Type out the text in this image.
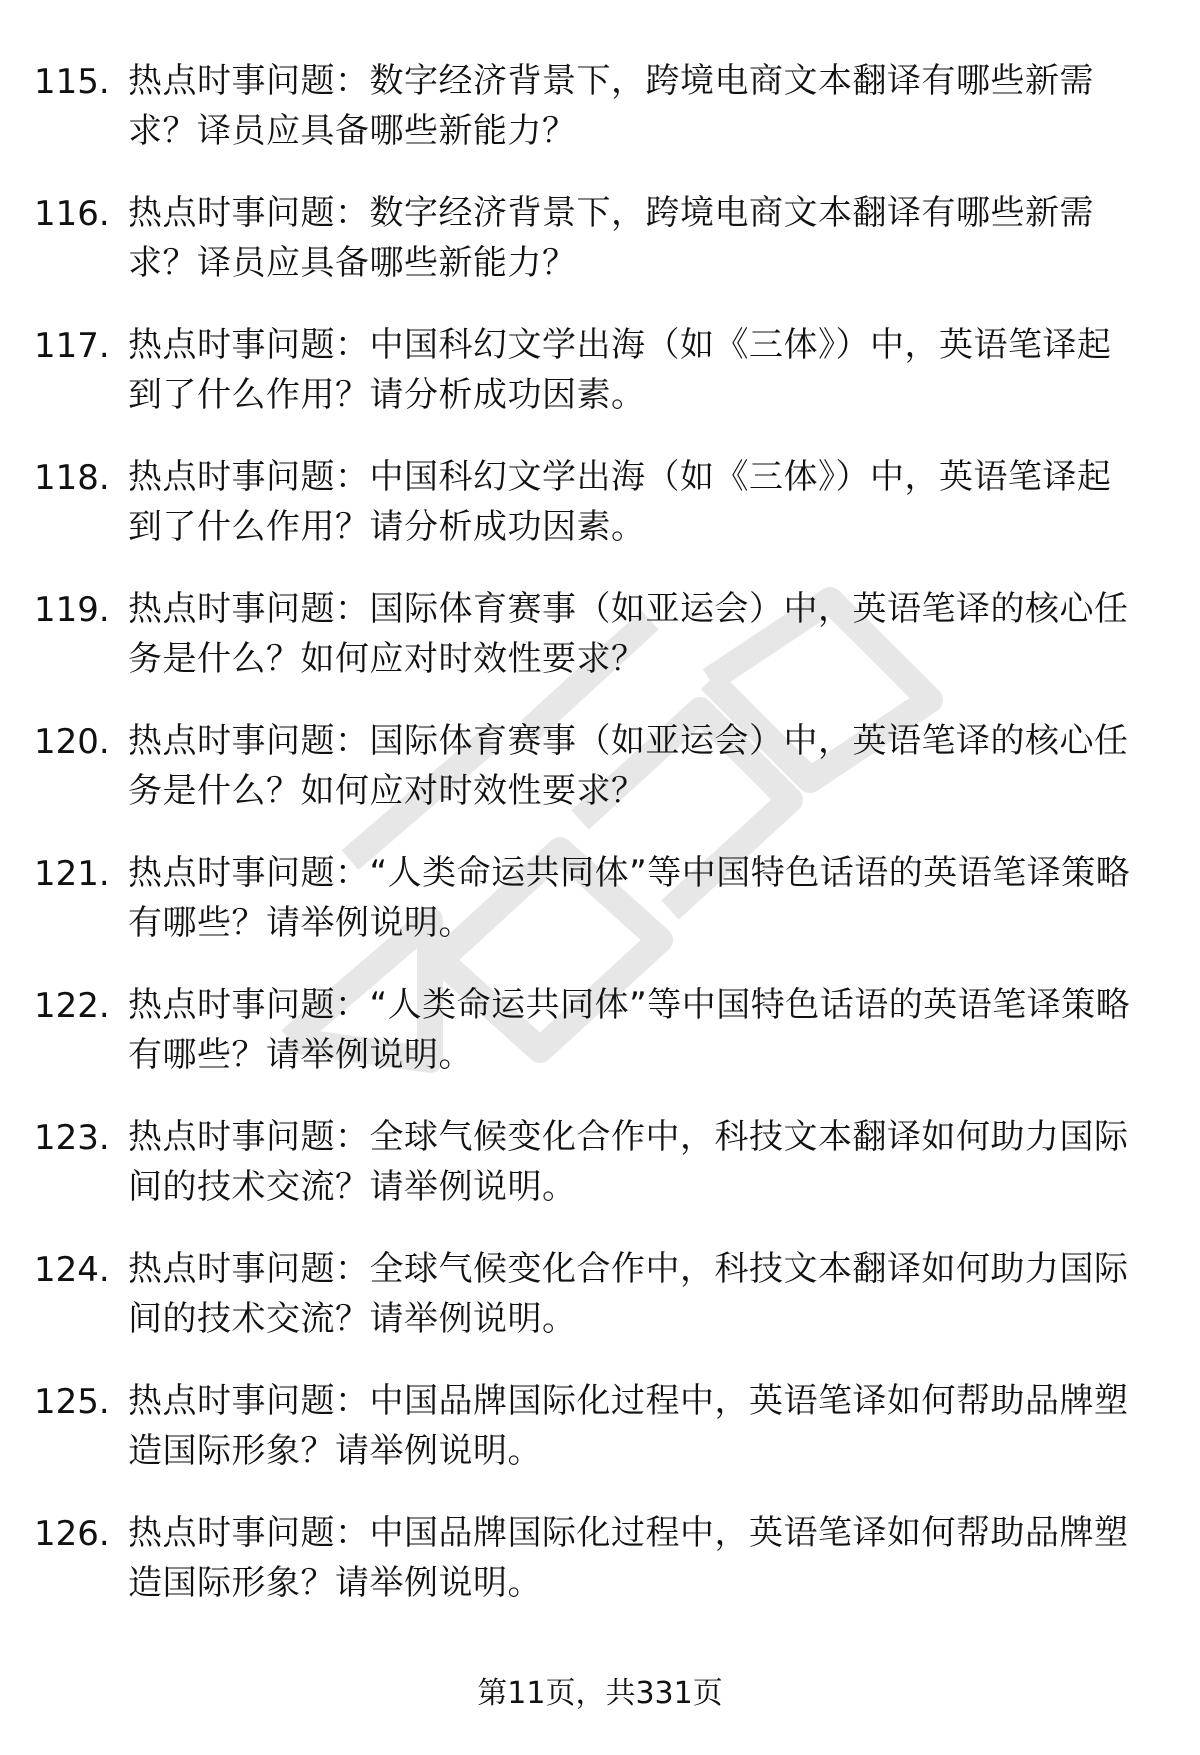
115. 热点时事问题：数字经济背景下，跨境电商文本翻译有哪些新需求？译员应具备哪些新能力？
116. 热点时事问题：数字经济背景下，跨境电商文本翻译有哪些新需求？译员应具备哪些新能力？
117. 热点时事问题：中国科幻文学出海（如《三体》）中，英语笔译起到了什么作用？请分析成功因素。
118. 热点时事问题：中国科幻文学出海（如《三体》）中，英语笔译起到了什么作用？请分析成功因素。
119. 热点时事问题：国际体育赛事（如亚运会）中，英语笔译的核心任务是什么？如何应对时效性要求？
120. 热点时事问题：国际体育赛事（如亚运会）中，英语笔译的核心任务是什么？如何应对时效性要求？
121. 热点时事问题：“人类命运共同体”等中国特色话语的英语笔译策略有哪些？请举例说明。
122. 热点时事问题：“人类命运共同体”等中国特色话语的英语笔译策略有哪些？请举例说明。
123. 热点时事问题：全球气候变化合作中，科技文本翻译如何助力国际间的技术交流？请举例说明。
124. 热点时事问题：全球气候变化合作中，科技文本翻译如何助力国际间的技术交流？请举例说明。
125. 热点时事问题：中国品牌国际化过程中，英语笔译如何帮助品牌塑造国际形象？请举例说明。
126. 热点时事问题：中国品牌国际化过程中，英语笔译如何帮助品牌塑造国际形象？请举例说明。
第11页，共331页
